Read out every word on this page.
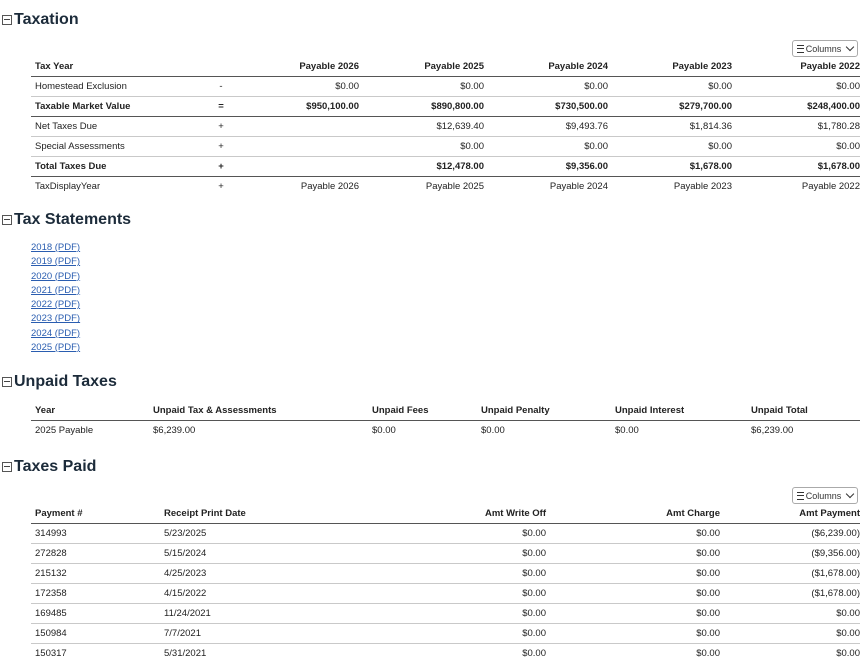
Taxation
Columns
Tax Year		Payable 2026	Payable 2025	Payable 2024	Payable 2023	Payable 2022
Homestead Exclusion	-	$0.00	$0.00	$0.00	$0.00	$0.00
Taxable Market Value	=	$950,100.00	$890,800.00	$730,500.00	$279,700.00	$248,400.00
Net Taxes Due	+		$12,639.40	$9,493.76	$1,814.36	$1,780.28
Special Assessments	+		$0.00	$0.00	$0.00	$0.00
Total Taxes Due	+		$12,478.00	$9,356.00	$1,678.00	$1,678.00
TaxDisplayYear	+	Payable 2026	Payable 2025	Payable 2024	Payable 2023	Payable 2022
Tax Statements
2018 (PDF)
2019 (PDF)
2020 (PDF)
2021 (PDF)
2022 (PDF)
2023 (PDF)
2024 (PDF)
2025 (PDF)
Unpaid Taxes
Year	Unpaid Tax & Assessments	Unpaid Fees	Unpaid Penalty	Unpaid Interest	Unpaid Total
2025 Payable	$6,239.00	$0.00	$0.00	$0.00	$6,239.00
Taxes Paid
Columns
Payment #	Receipt Print Date	Amt Write Off	Amt Charge	Amt Payment
314993	5/23/2025	$0.00	$0.00	($6,239.00)
272828	5/15/2024	$0.00	$0.00	($9,356.00)
215132	4/25/2023	$0.00	$0.00	($1,678.00)
172358	4/15/2022	$0.00	$0.00	($1,678.00)
169485	11/24/2021	$0.00	$0.00	$0.00
150984	7/7/2021	$0.00	$0.00	$0.00
150317	5/31/2021	$0.00	$0.00	$0.00
